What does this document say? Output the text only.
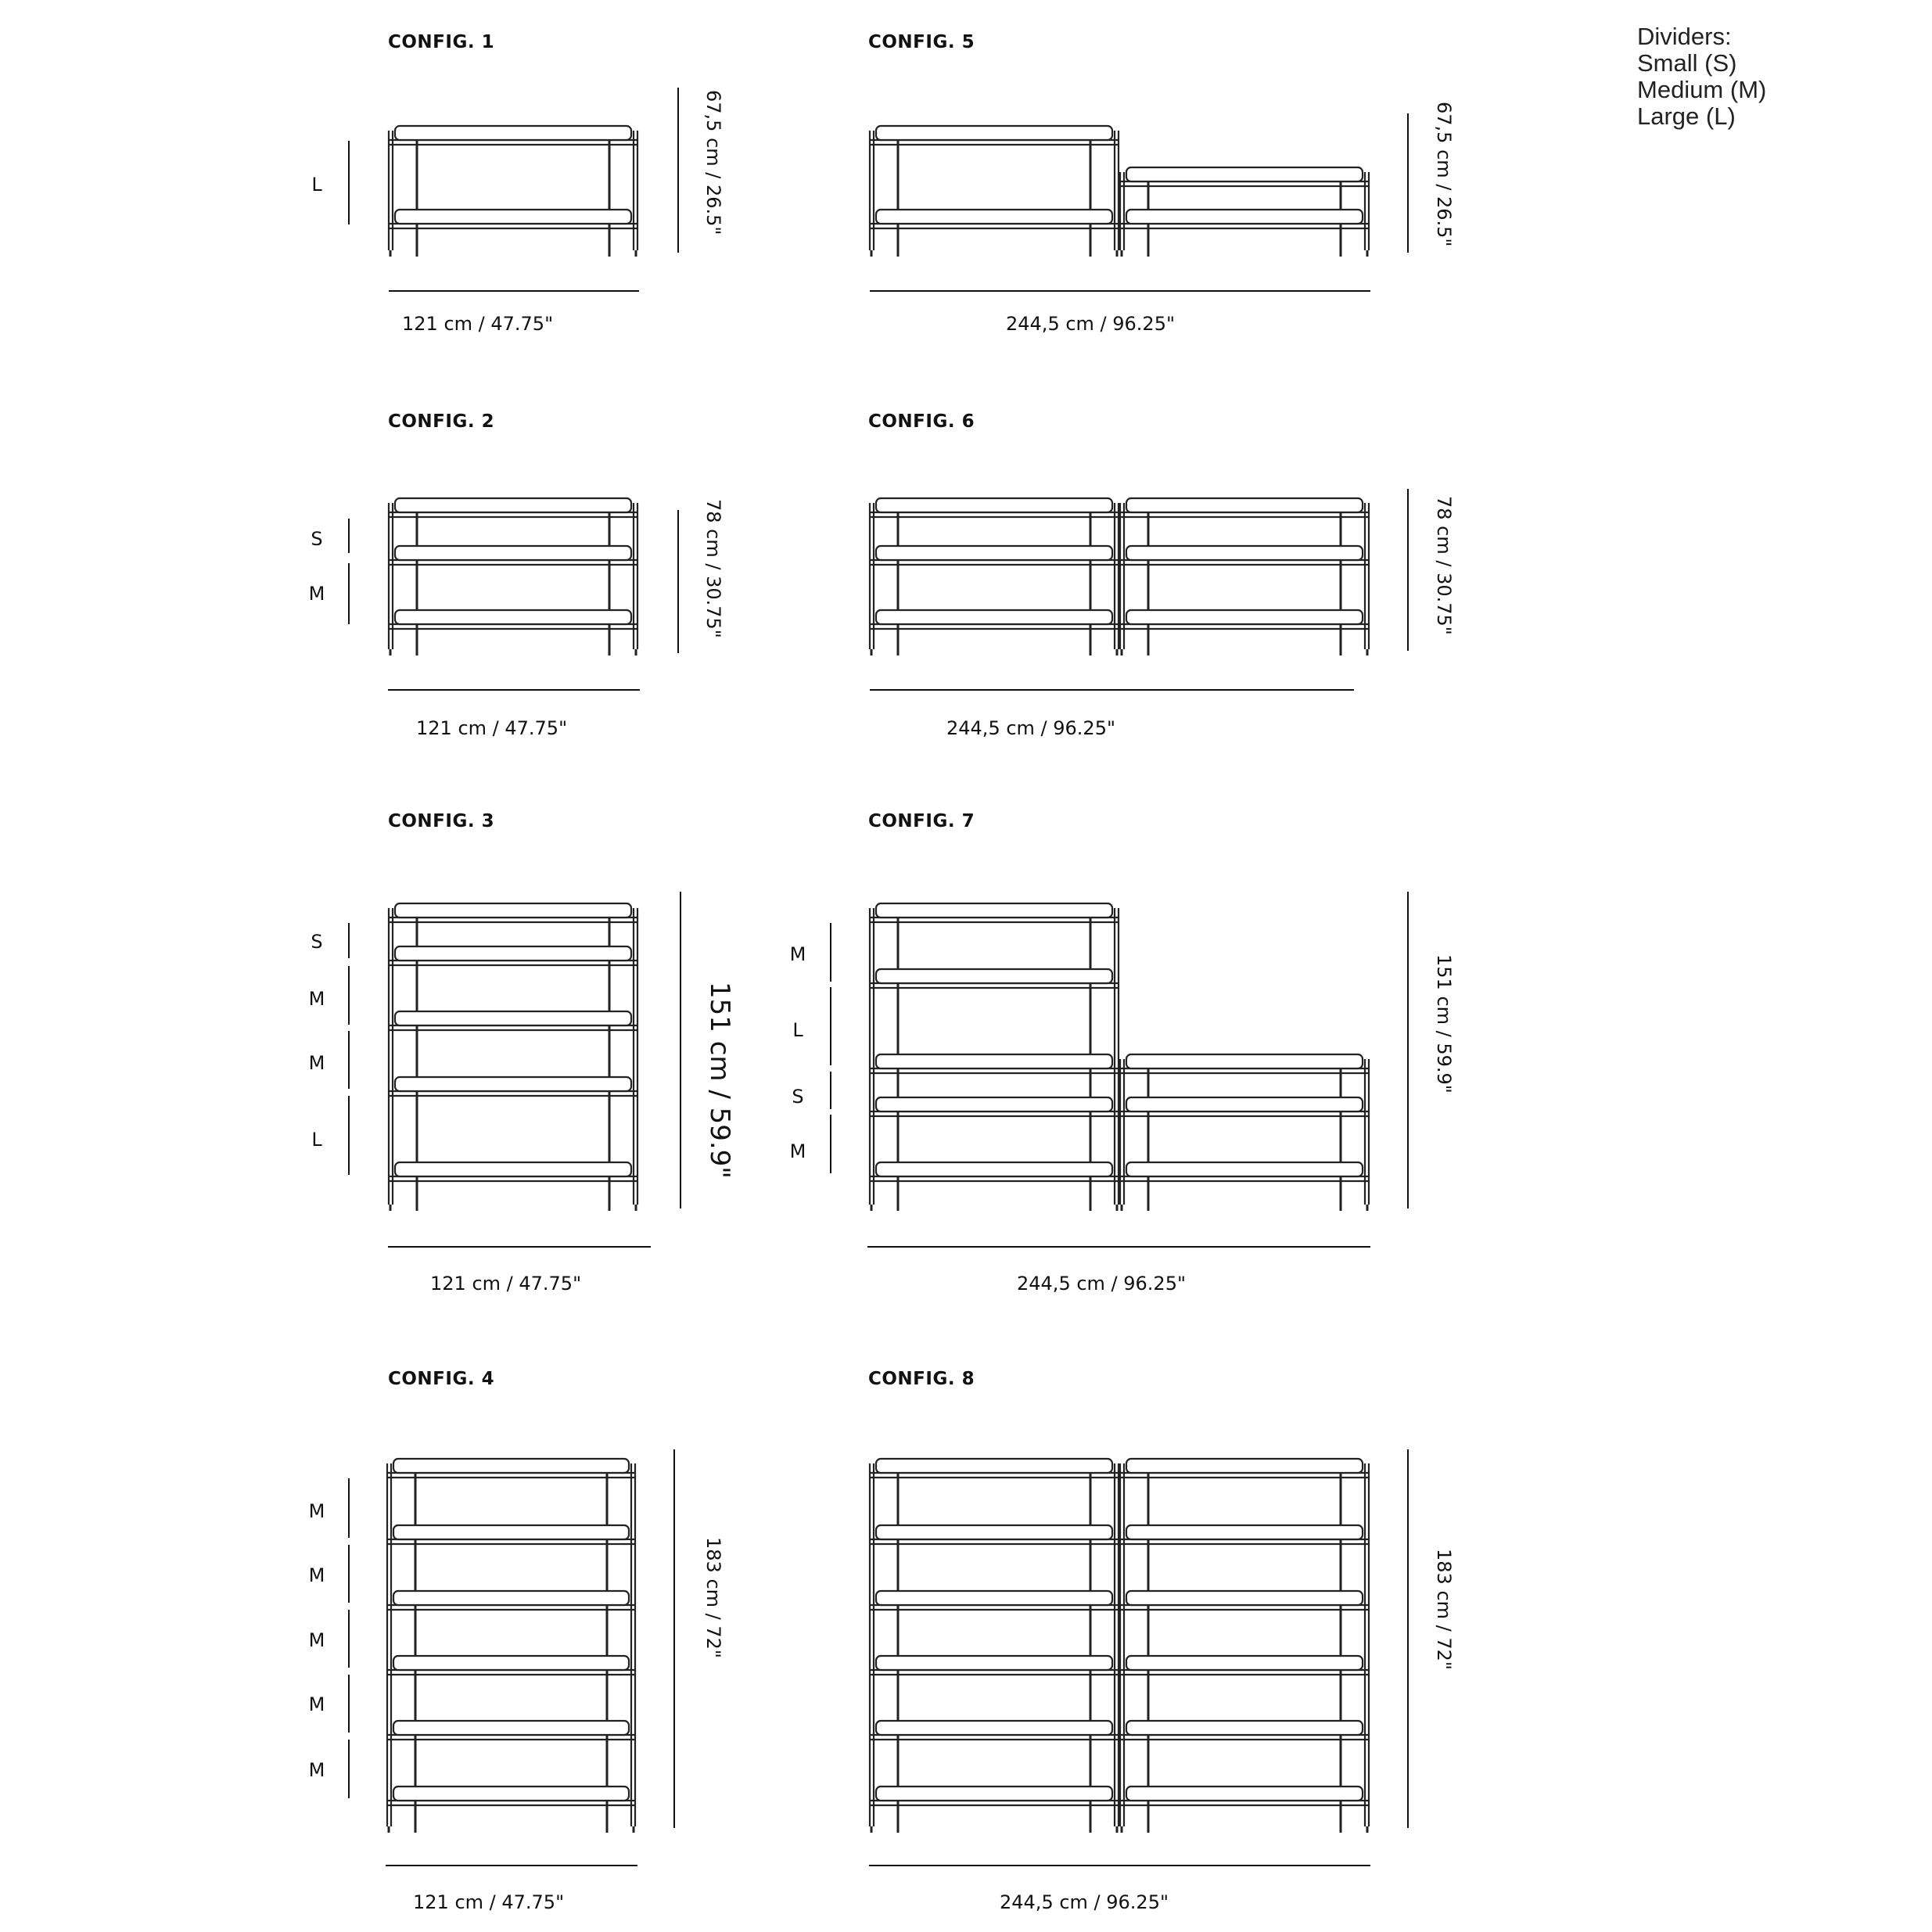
Dividers:
Small (S)
Medium (M)
Large (L)
CONFIG. 1
121 cm / 47.75"
67,5 cm / 26.5"
L
CONFIG. 2
121 cm / 47.75"
78 cm / 30.75"
S
M
CONFIG. 3
121 cm / 47.75"
151 cm / 59.9"
S
M
M
L
CONFIG. 4
121 cm / 47.75"
183 cm / 72"
M
M
M
M
M
CONFIG. 5
244,5 cm / 96.25"
67,5 cm / 26.5"
CONFIG. 6
244,5 cm / 96.25"
78 cm / 30.75"
CONFIG. 7
244,5 cm / 96.25"
151 cm / 59.9"
M
L
S
M
CONFIG. 8
244,5 cm / 96.25"
183 cm / 72"
